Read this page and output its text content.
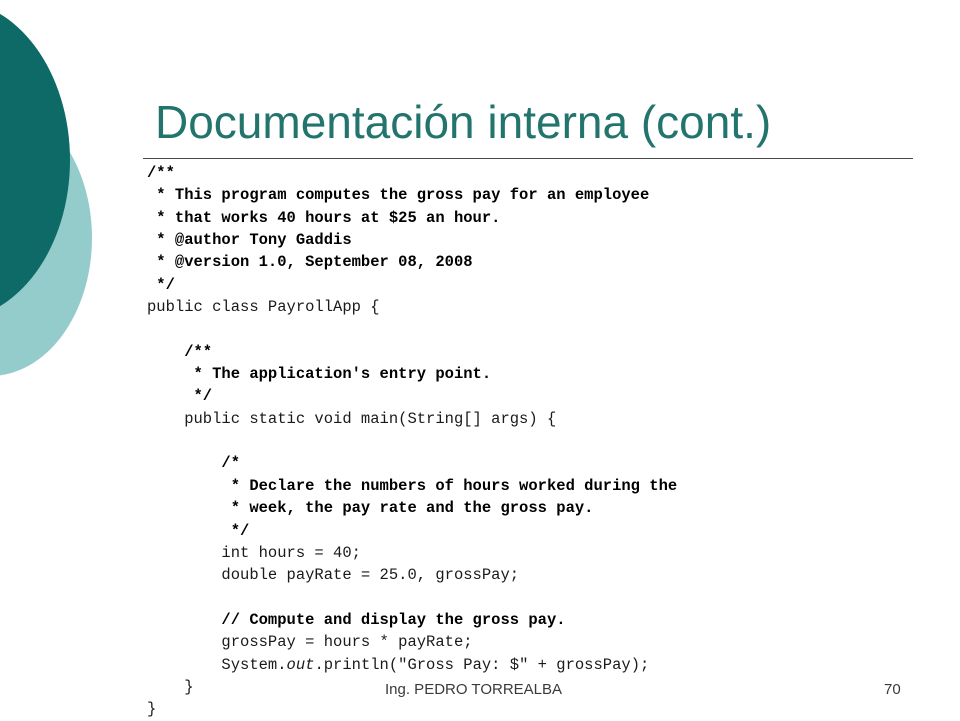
Documentación interna (cont.)
/**
* This program computes the gross pay for an employee
* that works 40 hours at $25 an hour.
* @author Tony Gaddis
* @version 1.0, September 08, 2008
*/
public class PayrollApp {
/**
* The application's entry point.
*/
public static void main(String[] args) {
/*
* Declare the numbers of hours worked during the
* week, the pay rate and the gross pay.
*/
int hours = 40;
double payRate = 25.0, grossPay;
// Compute and display the gross pay.
grossPay = hours * payRate;
System.out.println("Gross Pay: $" + grossPay);
}
}
Ing. PEDRO TORREALBA	70
